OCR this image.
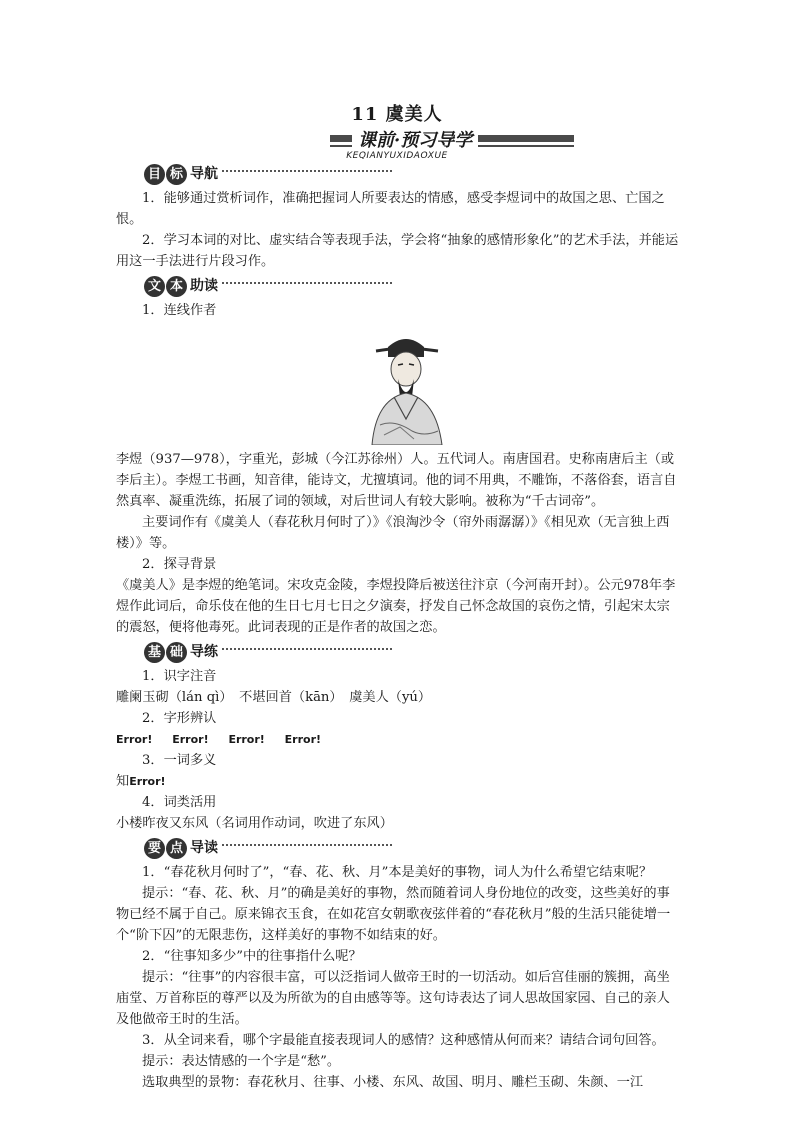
11 虞美人
课前·预习导学
KEQIANYUXIDAOXUE
目 标 导航

1．能够通过赏析词作，准确把握词人所要表达的情感，感受李煜词中的故国之思、亡国之恨。

2．学习本词的对比、虚实结合等表现手法，学会将“抽象的感情形象化”的艺术手法，并能运用这一手法进行片段习作。

文 本 助读

1．连线作者

李煜（937—978），字重光，彭城（今江苏徐州）人。五代词人。南唐国君。史称南唐后主（或李后主）。李煜工书画，知音律，能诗文，尤擅填词。他的词不用典，不雕饰，不落俗套，语言自然真率、凝重洗练，拓展了词的领域，对后世词人有较大影响。被称为“千古词帝”。

主要词作有《虞美人（春花秋月何时了）》《浪淘沙令（帘外雨潺潺）》《相见欢（无言独上西楼）》等。

2．探寻背景

《虞美人》是李煜的绝笔词。宋攻克金陵，李煜投降后被送往汴京（今河南开封）。公元978年李煜作此词后，命乐伎在他的生日七月七日之夕演奏，抒发自己怀念故国的哀伤之情，引起宋太宗的震怒，便将他毒死。此词表现的正是作者的故国之恋。

基 础 导练

1．识字注音

雕阑玉砌（lán qì）　不堪回首（kān）　虞美人（yú）

2．字形辨认

Error! Error! Error! Error!

3．一词多义

知Error!

4．词类活用

小楼昨夜又东风（名词用作动词，吹进了东风）

要 点 导读

1．“春花秋月何时了”，“春、花、秋、月”本是美好的事物，词人为什么希望它结束呢？

提示：“春、花、秋、月”的确是美好的事物，然而随着词人身份地位的改变，这些美好的事物已经不属于自己。原来锦衣玉食，在如花宫女朝歌夜弦伴着的“春花秋月”般的生活只能徒增一个“阶下囚”的无限悲伤，这样美好的事物不如结束的好。

2．“往事知多少”中的往事指什么呢？

提示：“往事”的内容很丰富，可以泛指词人做帝王时的一切活动。如后宫佳丽的簇拥，高坐庙堂、万首称臣的尊严以及为所欲为的自由感等等。这句诗表达了词人思故国家园、自己的亲人及他做帝王时的生活。

3．从全词来看，哪个字最能直接表现词人的感情？这种感情从何而来？请结合词句回答。

提示：表达情感的一个字是“愁”。

选取典型的景物：春花秋月、往事、小楼、东风、故国、明月、雕栏玉砌、朱颜、一江
